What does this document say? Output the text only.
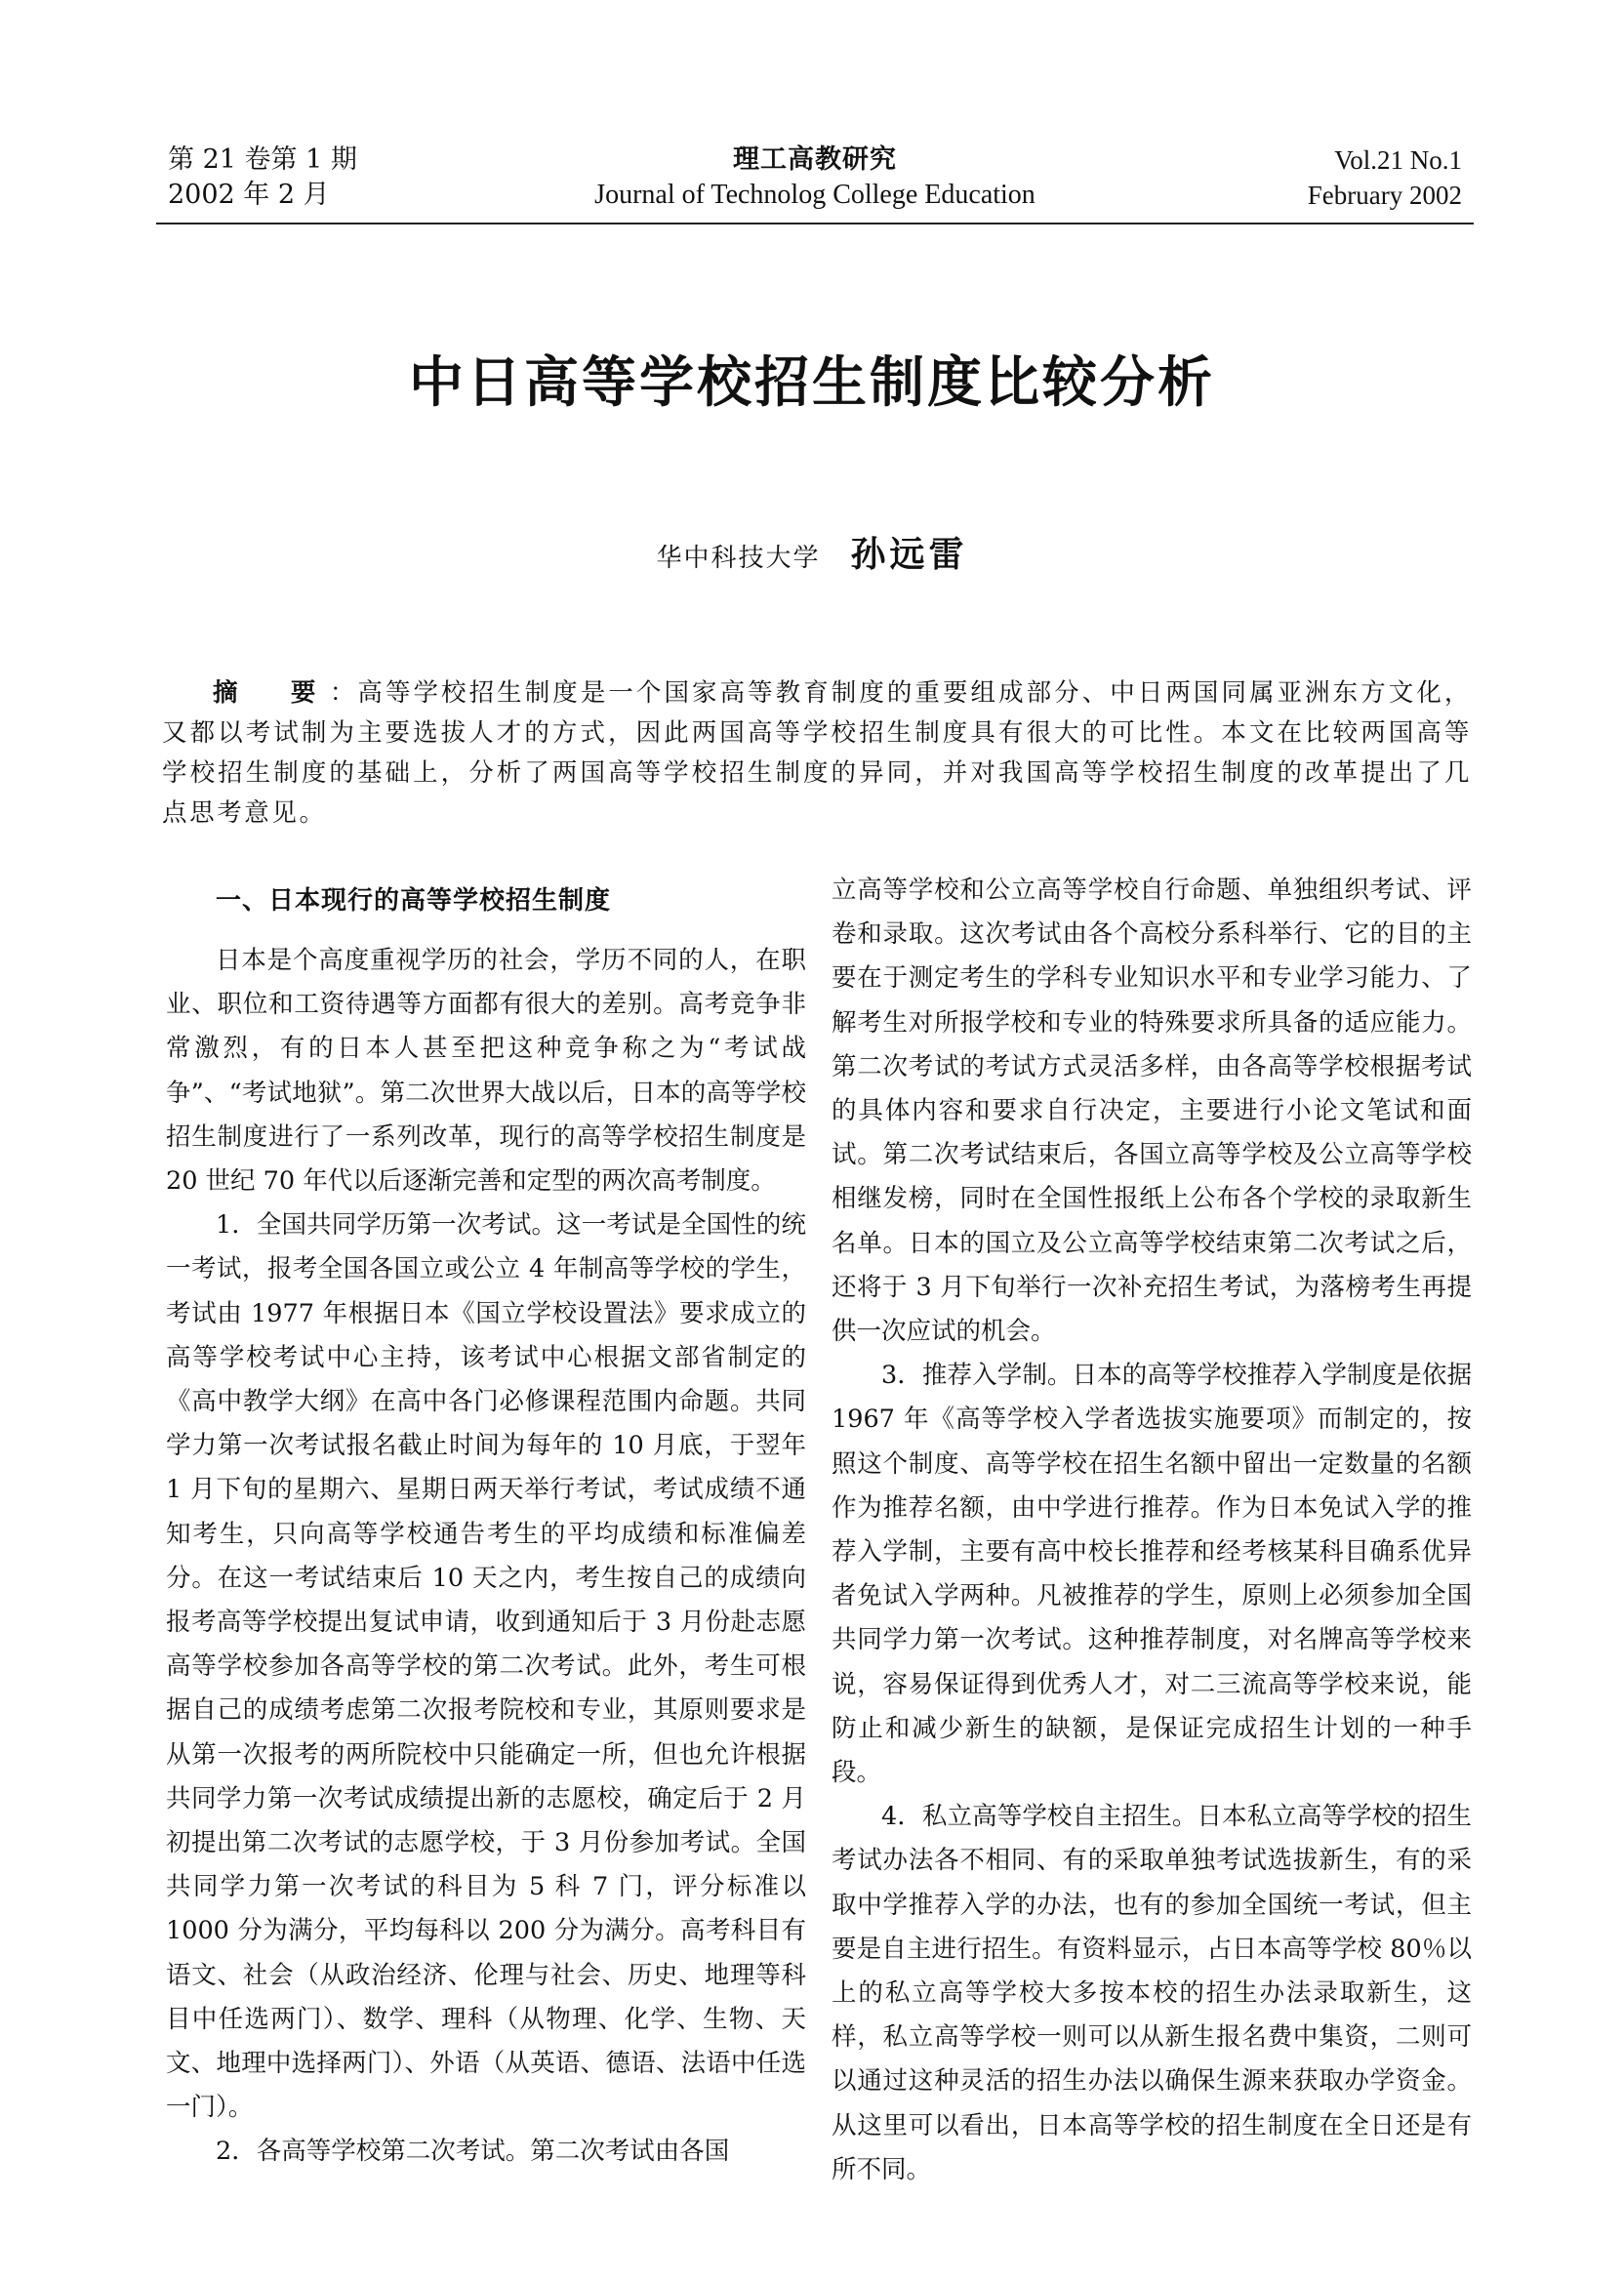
第 21 卷第 1 期
2002 年 2 月
理工高教研究
Journal of Technolog College Education
Vol.21 No.1
February 2002
中日高等学校招生制度比较分析
华中科技大学 孙远雷

摘　要：高等学校招生制度是一个国家高等教育制度的重要组成部分、中日两国同属亚洲东方文化，又都以考试制为主要选拔人才的方式，因此两国高等学校招生制度具有很大的可比性。本文在比较两国高等学校招生制度的基础上，分析了两国高等学校招生制度的异同，并对我国高等学校招生制度的改革提出了几点思考意见。

一、日本现行的高等学校招生制度

日本是个高度重视学历的社会，学历不同的人，在职业、职位和工资待遇等方面都有很大的差别。高考竞争非常激烈，有的日本人甚至把这种竞争称之为“考试战争”、“考试地狱”。第二次世界大战以后，日本的高等学校招生制度进行了一系列改革，现行的高等学校招生制度是 20 世纪 70 年代以后逐渐完善和定型的两次高考制度。

1．全国共同学历第一次考试。这一考试是全国性的统一考试，报考全国各国立或公立 4 年制高等学校的学生，考试由 1977 年根据日本《国立学校设置法》要求成立的高等学校考试中心主持，该考试中心根据文部省制定的《高中教学大纲》在高中各门必修课程范围内命题。共同学力第一次考试报名截止时间为每年的 10 月底，于翌年 1 月下旬的星期六、星期日两天举行考试，考试成绩不通知考生，只向高等学校通告考生的平均成绩和标准偏差分。在这一考试结束后 10 天之内，考生按自己的成绩向报考高等学校提出复试申请，收到通知后于 3 月份赴志愿高等学校参加各高等学校的第二次考试。此外，考生可根据自己的成绩考虑第二次报考院校和专业，其原则要求是从第一次报考的两所院校中只能确定一所，但也允许根据共同学力第一次考试成绩提出新的志愿校，确定后于 2 月初提出第二次考试的志愿学校，于 3 月份参加考试。全国共同学力第一次考试的科目为 5 科 7 门，评分标准以 1000 分为满分，平均每科以 200 分为满分。高考科目有语文、社会（从政治经济、伦理与社会、历史、地理等科目中任选两门）、数学、理科（从物理、化学、生物、天文、地理中选择两门）、外语（从英语、德语、法语中任选一门）。

2．各高等学校第二次考试。第二次考试由各国

立高等学校和公立高等学校自行命题、单独组织考试、评卷和录取。这次考试由各个高校分系科举行、它的目的主要在于测定考生的学科专业知识水平和专业学习能力、了解考生对所报学校和专业的特殊要求所具备的适应能力。第二次考试的考试方式灵活多样，由各高等学校根据考试的具体内容和要求自行决定，主要进行小论文笔试和面试。第二次考试结束后，各国立高等学校及公立高等学校相继发榜，同时在全国性报纸上公布各个学校的录取新生名单。日本的国立及公立高等学校结束第二次考试之后，还将于 3 月下旬举行一次补充招生考试，为落榜考生再提供一次应试的机会。

3．推荐入学制。日本的高等学校推荐入学制度是依据 1967 年《高等学校入学者选拔实施要项》而制定的，按照这个制度、高等学校在招生名额中留出一定数量的名额作为推荐名额，由中学进行推荐。作为日本免试入学的推荐入学制，主要有高中校长推荐和经考核某科目确系优异者免试入学两种。凡被推荐的学生，原则上必须参加全国共同学力第一次考试。这种推荐制度，对名牌高等学校来说，容易保证得到优秀人才，对二三流高等学校来说，能防止和减少新生的缺额，是保证完成招生计划的一种手段。

4．私立高等学校自主招生。日本私立高等学校的招生考试办法各不相同、有的采取单独考试选拔新生，有的采取中学推荐入学的办法，也有的参加全国统一考试，但主要是自主进行招生。有资料显示，占日本高等学校 80％以上的私立高等学校大多按本校的招生办法录取新生，这样，私立高等学校一则可以从新生报名费中集资，二则可以通过这种灵活的招生办法以确保生源来获取办学资金。从这里可以看出，日本高等学校的招生制度在全日还是有所不同。
